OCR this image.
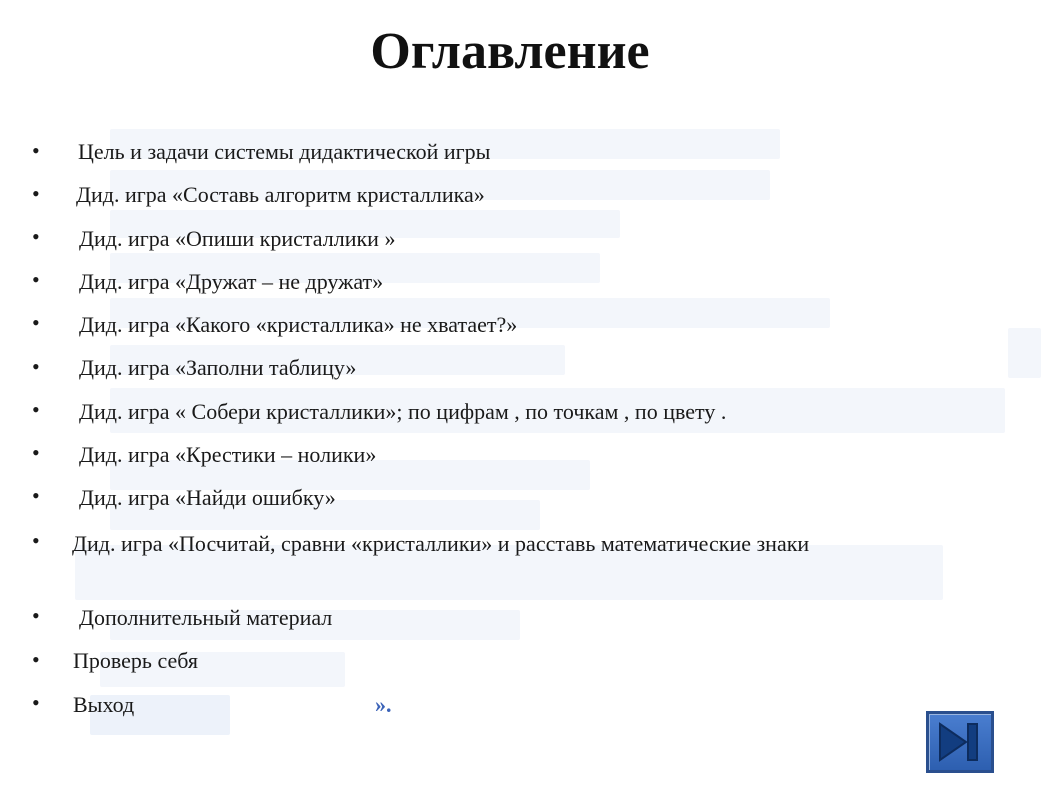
Оглавление
•
•
•
•
•
•
•
•
•
•
•
•
•
Цель и задачи системы дидактической игры
Дид. игра «Составь алгоритм кристаллика»
Дид. игра «Опиши кристаллики »
Дид. игра «Дружат – не дружат»
Дид. игра «Какого «кристаллика» не хватает?»
Дид. игра «Заполни таблицу»
Дид. игра « Собери кристаллики»; по цифрам , по точкам , по цвету .
Дид. игра «Крестики – нолики»
Дид. игра «Найди ошибку»
Дид. игра «Посчитай, сравни «кристаллики» и расставь математические знаки
Дополнительный материал
Проверь себя
Выход	».
